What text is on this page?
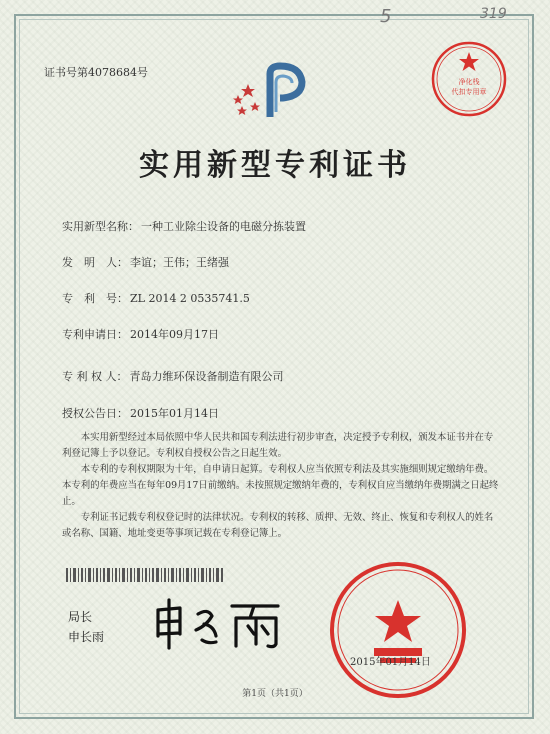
5	319
证书号第4078684号
实用新型专利证书
实用新型名称： 一种工业除尘设备的电磁分拣装置
发　明　人： 李谊；王伟；王绪强
专　利　号： ZL 2014 2 0535741.5
专利申请日： 2014年09月17日
专 利 权 人： 青岛力维环保设备制造有限公司
授权公告日： 2015年01月14日
本实用新型经过本局依照中华人民共和国专利法进行初步审查，决定授予专利权，颁发本证书并在专利登记簿上予以登记。专利权自授权公告之日起生效。
本专利的专利权期限为十年，自申请日起算。专利权人应当依照专利法及其实施细则规定缴纳年费。本专利的年费应当在每年09月17日前缴纳。未按照规定缴纳年费的，专利权自应当缴纳年费期满之日起终止。
专利证书记载专利权登记时的法律状况。专利权的转移、质押、无效、终止、恢复和专利权人的姓名或名称、国籍、地址变更等事项记载在专利登记簿上。
局长
申长雨
2015年01月14日
净化栈
代扣专用章
第1页（共1页）
